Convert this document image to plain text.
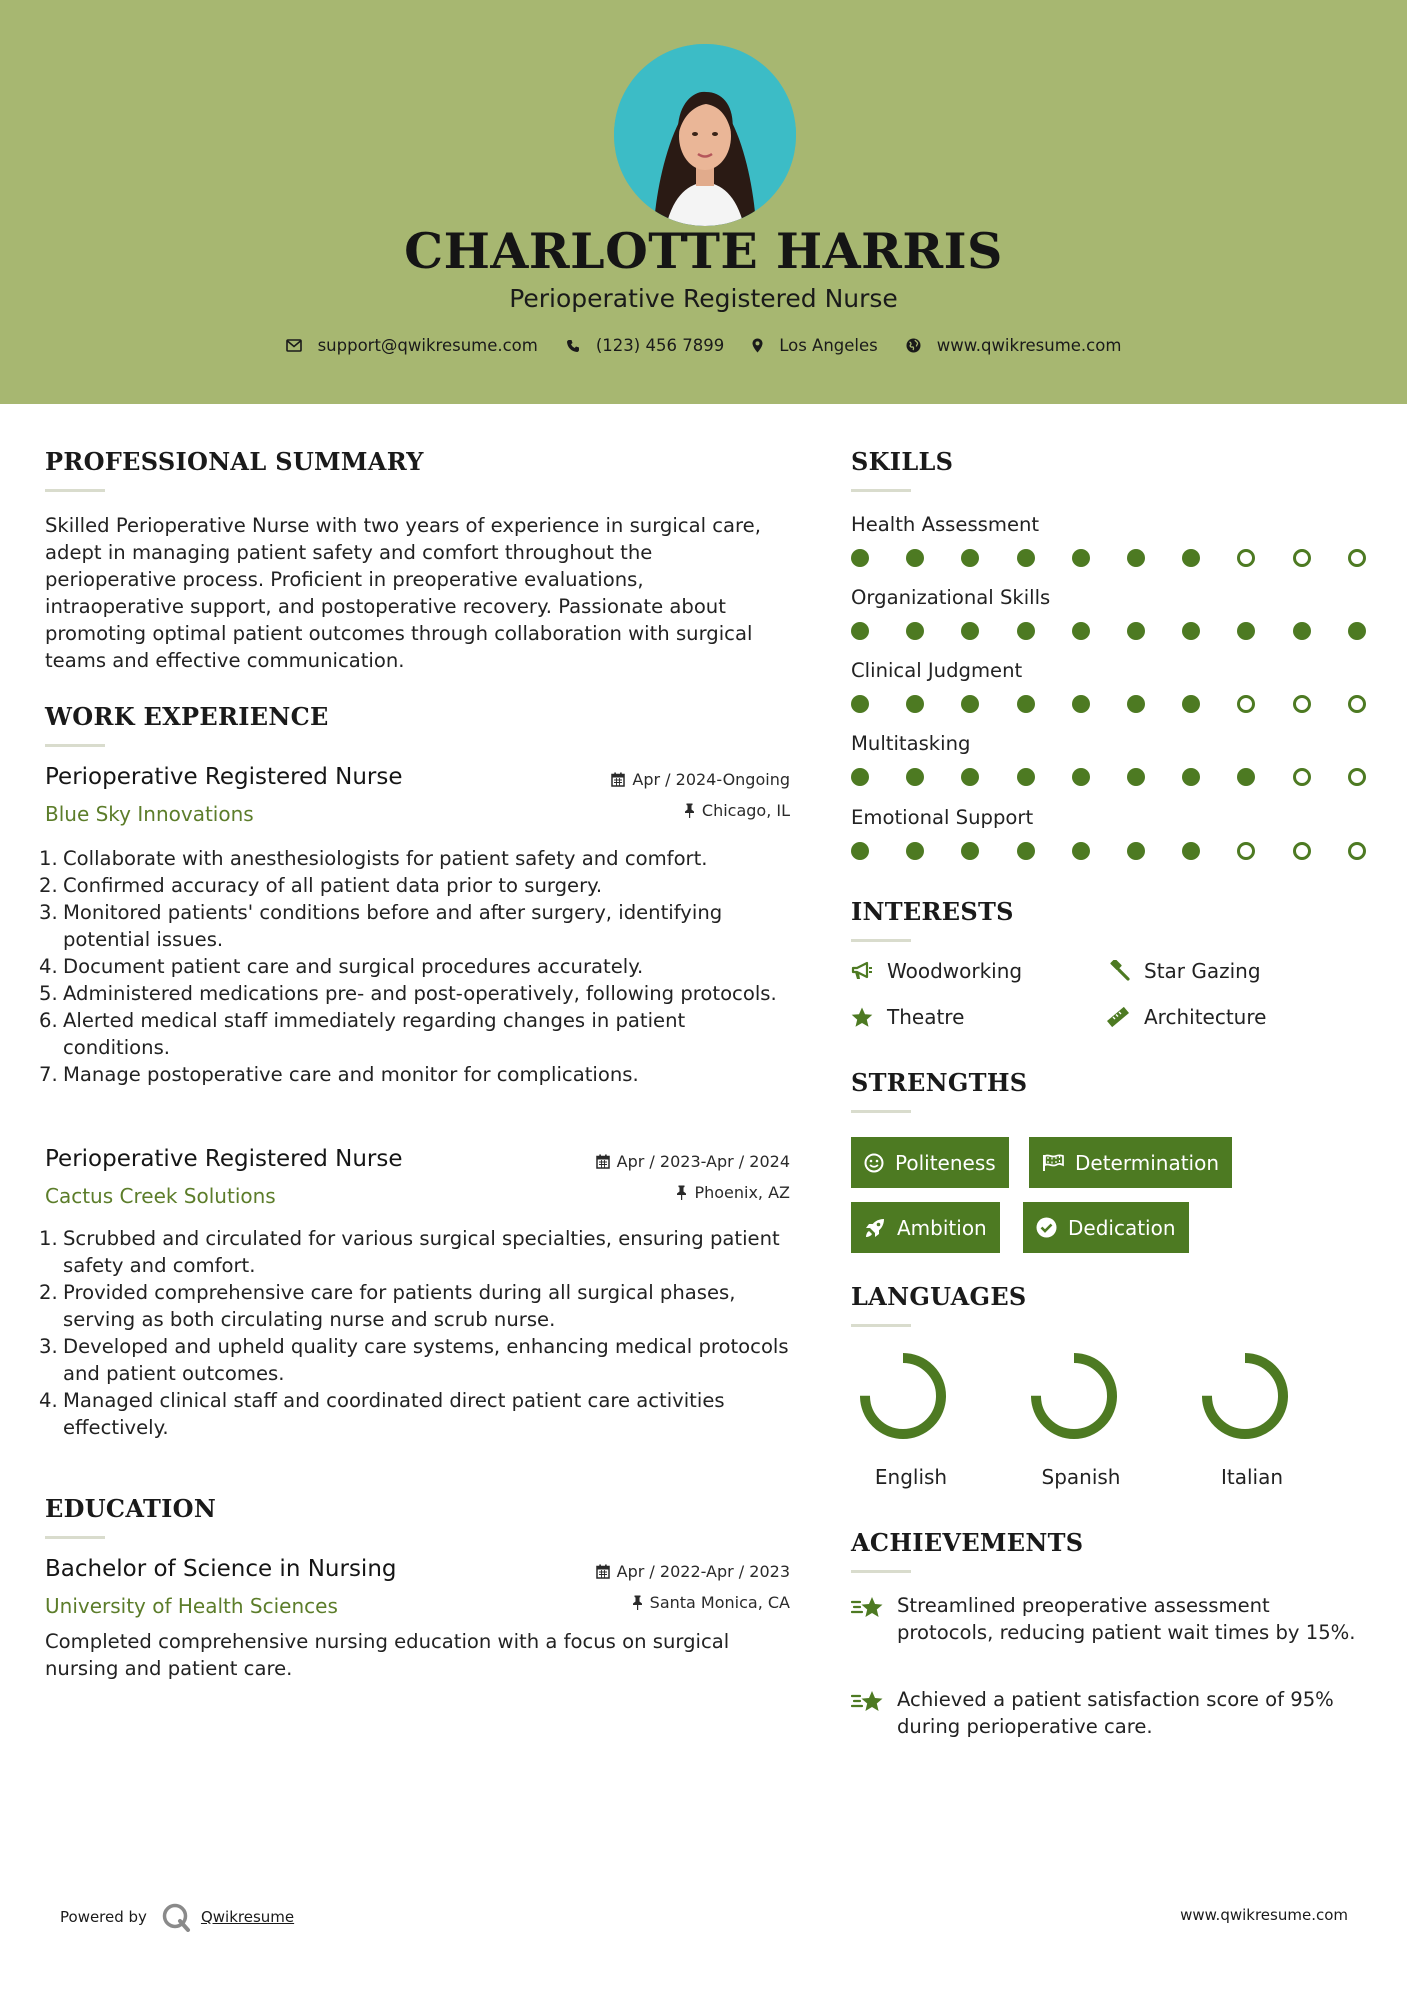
CHARLOTTE HARRIS
Perioperative Registered Nurse
support@qwikresume.com	(123) 456 7899	Los Angeles	www.qwikresume.com
PROFESSIONAL SUMMARY
Skilled Perioperative Nurse with two years of experience in surgical care, adept in managing patient safety and comfort throughout the perioperative process. Proficient in preoperative evaluations, intraoperative support, and postoperative recovery. Passionate about promoting optimal patient outcomes through collaboration with surgical teams and effective communication.
WORK EXPERIENCE
Perioperative Registered Nurse
Blue Sky Innovations
Apr / 2024-Ongoing
Chicago, IL
1. Collaborate with anesthesiologists for patient safety and comfort.
2. Confirmed accuracy of all patient data prior to surgery.
3. Monitored patients' conditions before and after surgery, identifying potential issues.
4. Document patient care and surgical procedures accurately.
5. Administered medications pre- and post-operatively, following protocols.
6. Alerted medical staff immediately regarding changes in patient conditions.
7. Manage postoperative care and monitor for complications.
Perioperative Registered Nurse
Cactus Creek Solutions
Apr / 2023-Apr / 2024
Phoenix, AZ
1. Scrubbed and circulated for various surgical specialties, ensuring patient safety and comfort.
2. Provided comprehensive care for patients during all surgical phases, serving as both circulating nurse and scrub nurse.
3. Developed and upheld quality care systems, enhancing medical protocols and patient outcomes.
4. Managed clinical staff and coordinated direct patient care activities effectively.
EDUCATION
Bachelor of Science in Nursing
University of Health Sciences
Apr / 2022-Apr / 2023
Santa Monica, CA
Completed comprehensive nursing education with a focus on surgical nursing and patient care.
SKILLS
Health Assessment
Organizational Skills
Clinical Judgment
Multitasking
Emotional Support
INTERESTS
Woodworking	Star Gazing
Theatre	Architecture
STRENGTHS
Politeness	Determination
Ambition	Dedication
LANGUAGES
English	Spanish	Italian
ACHIEVEMENTS
Streamlined preoperative assessment protocols, reducing patient wait times by 15%.
Achieved a patient satisfaction score of 95% during perioperative care.
Powered by	Qwikresume	www.qwikresume.com
